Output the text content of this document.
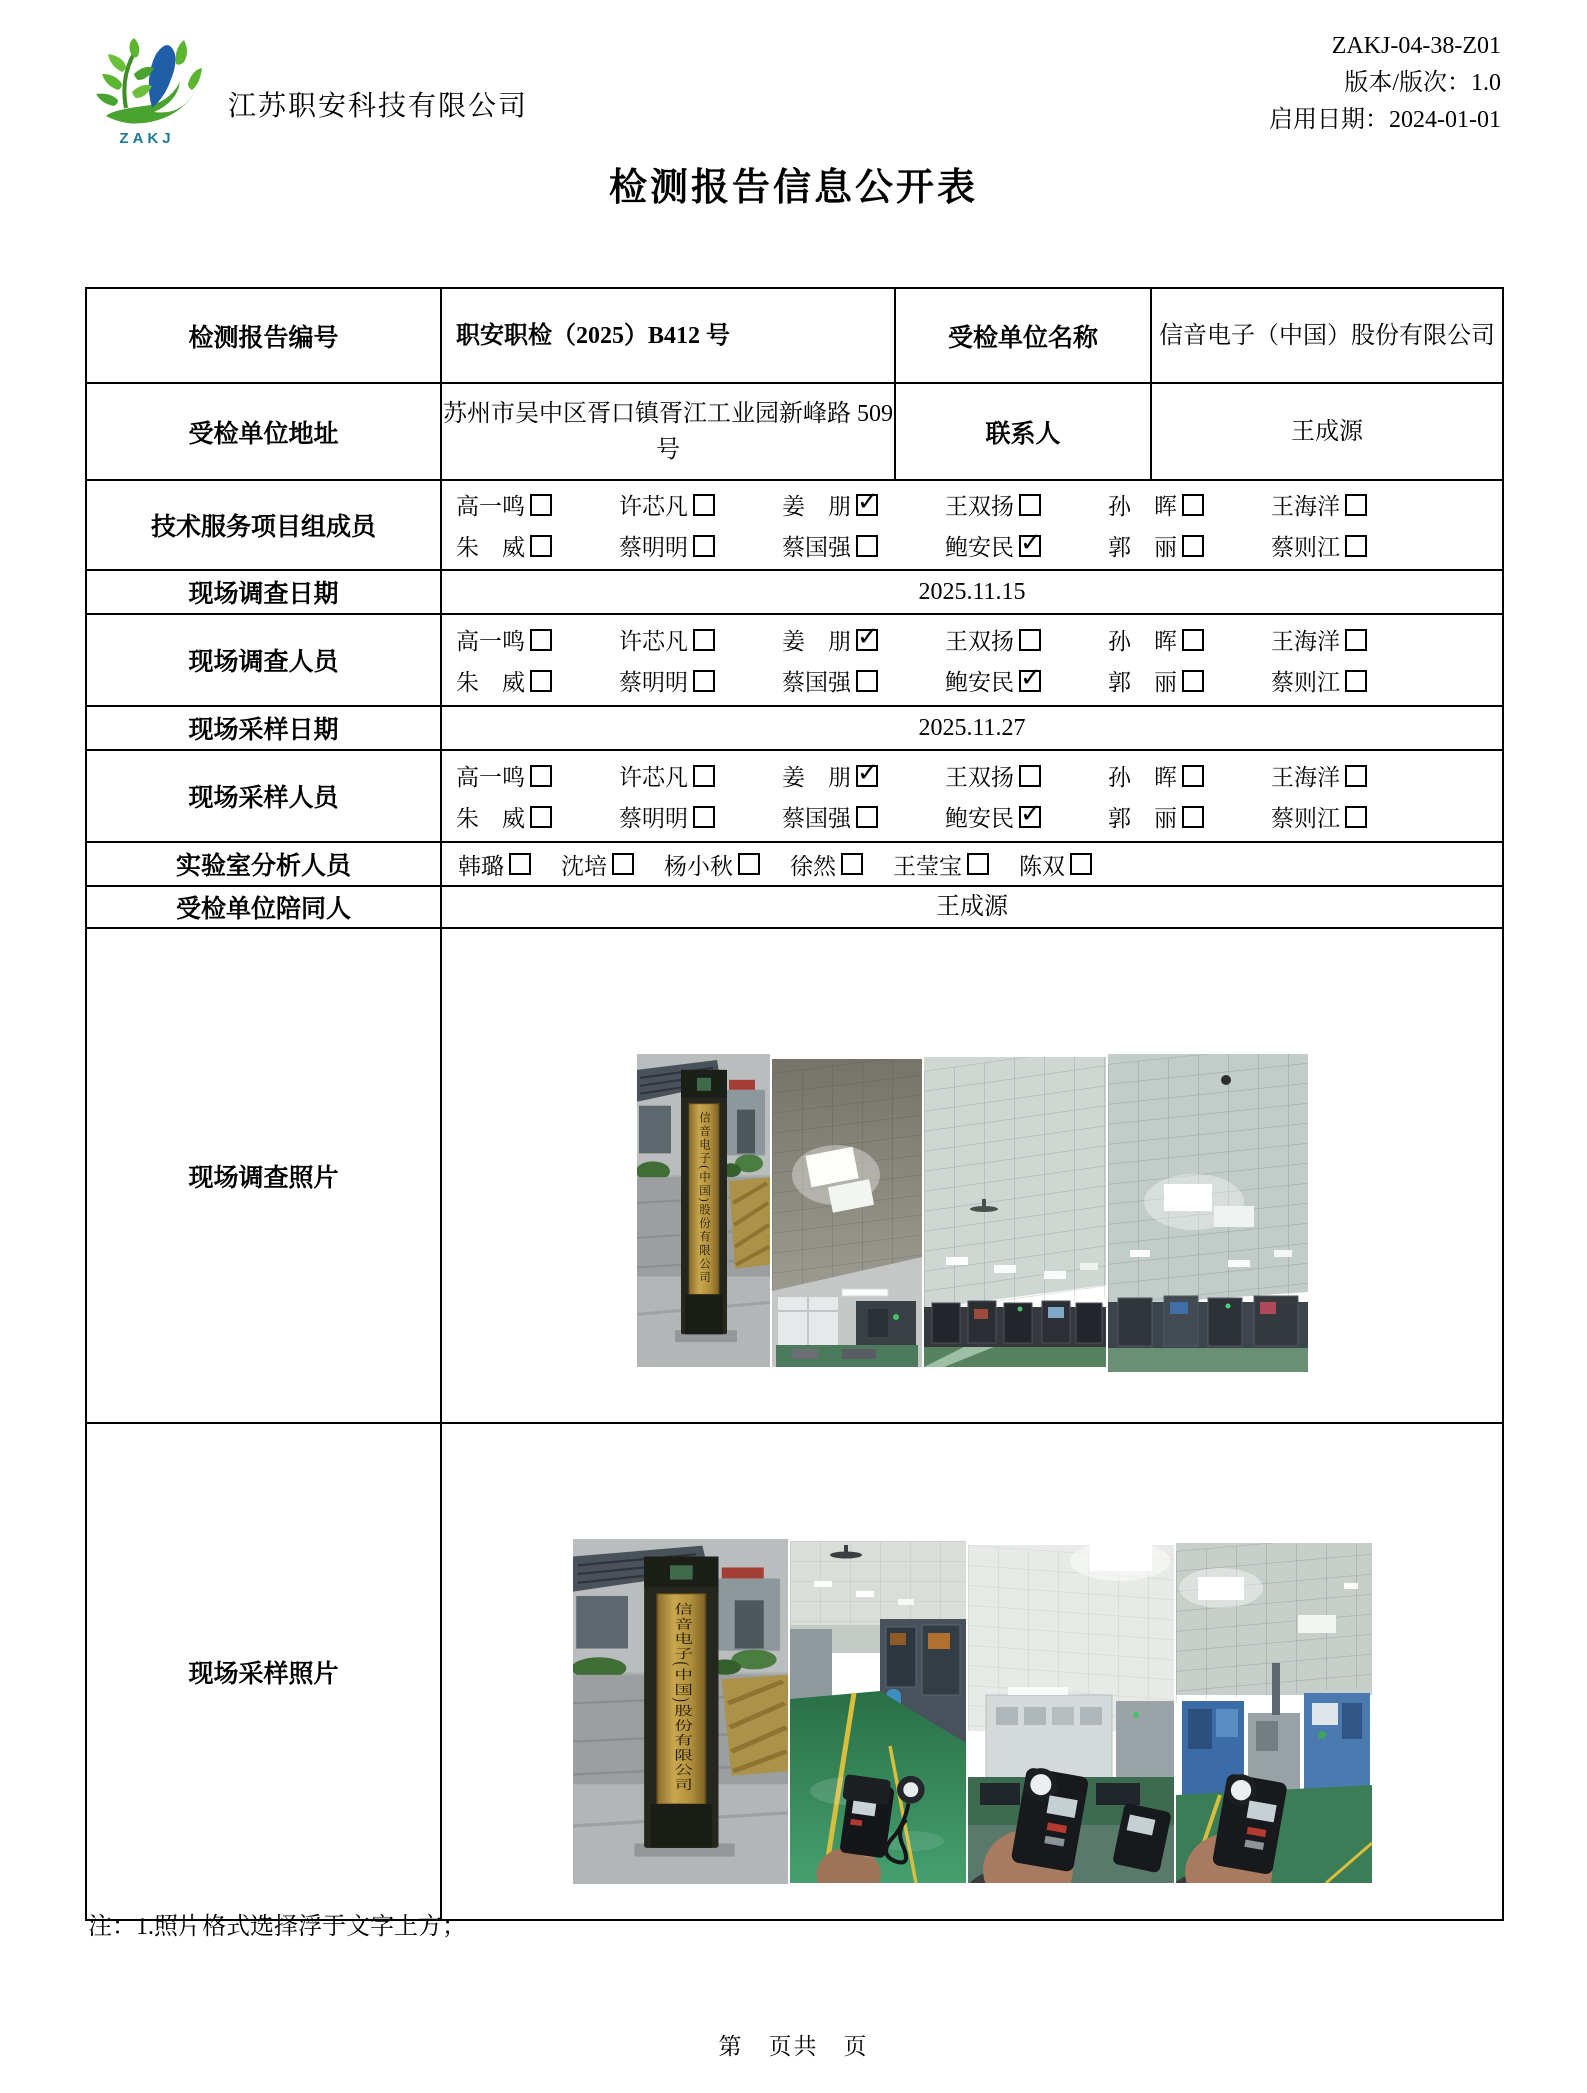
ZAKJ
江苏职安科技有限公司
ZAKJ-04-38-Z01
版本/版次：1.0
启用日期：2024-01-01
检测报告信息公开表
检测报告编号	职安职检（2025）B412 号	受检单位名称	信音电子（中国）股份有限公司
受检单位地址	苏州市吴中区胥口镇胥江工业园新峰路 509 号	联系人	王成源
技术服务项目组成员	
高一鸣	许芯凡	姜　朋 ✓	王双扬	孙　晖	王海洋
朱　威	蔡明明	蔡国强	鲍安民 ✓	郭　丽	蔡则江

现场调查日期	2025.11.15		
现场调查人员	
高一鸣	许芯凡	姜　朋 ✓	王双扬	孙　晖	王海洋
朱　威	蔡明明	蔡国强	鲍安民 ✓	郭　丽	蔡则江

现场采样日期	2025.11.27		
现场采样人员	
高一鸣	许芯凡	姜　朋 ✓	王双扬	孙　晖	王海洋
朱　威	蔡明明	蔡国强	鲍安民 ✓	郭　丽	蔡则江

实验室分析人员	韩璐 沈培 杨小秋 徐然 王莹宝 陈双

受检单位陪同人	王成源		
现场调查照片	

现场采样照片	
注：1.照片格式选择浮于文字上方；
第　页共　页
